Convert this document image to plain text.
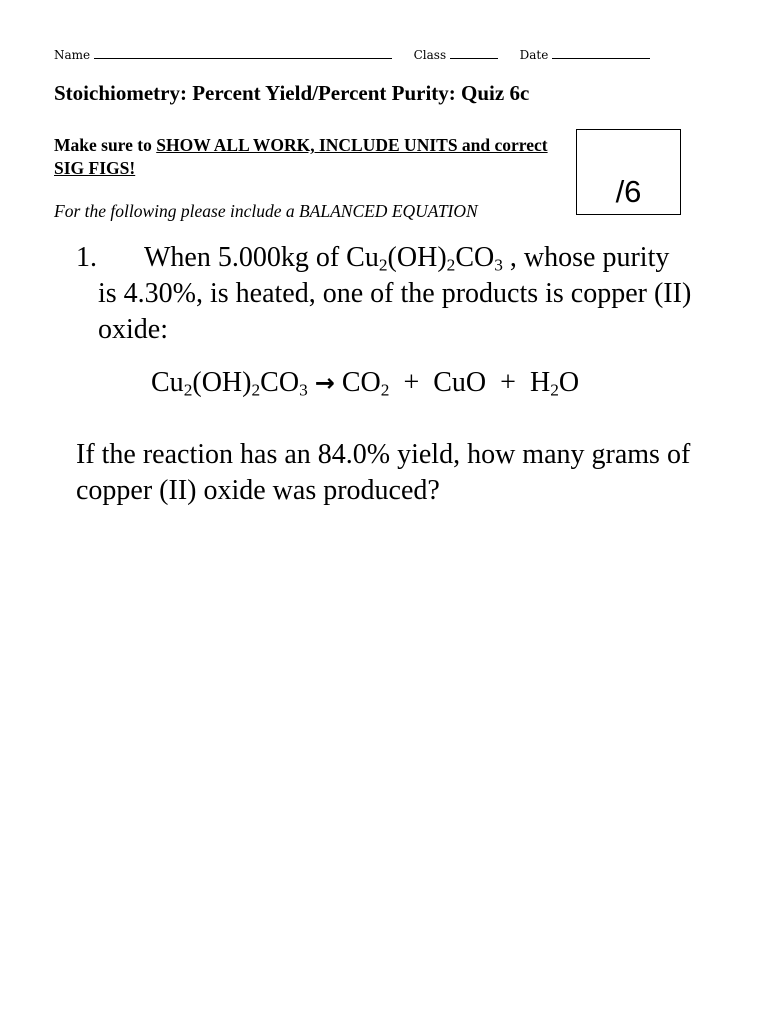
Name	Class	Date
Stoichiometry: Percent Yield/Percent Purity: Quiz 6c
Make sure to SHOW ALL WORK, INCLUDE UNITS and correct SIG FIGS!
For the following please include a BALANCED EQUATION
/6
1. When 5.000kg of $Cu_2(OH)_2CO_3$ , whose purity
is 4.30%, is heated, one of the products is copper (II) oxide:
$Cu_2(OH)_2CO_3 \to CO_2$ + CuO + $H_2O$
If the reaction has an 84.0% yield, how many grams of copper (II) oxide was produced?
